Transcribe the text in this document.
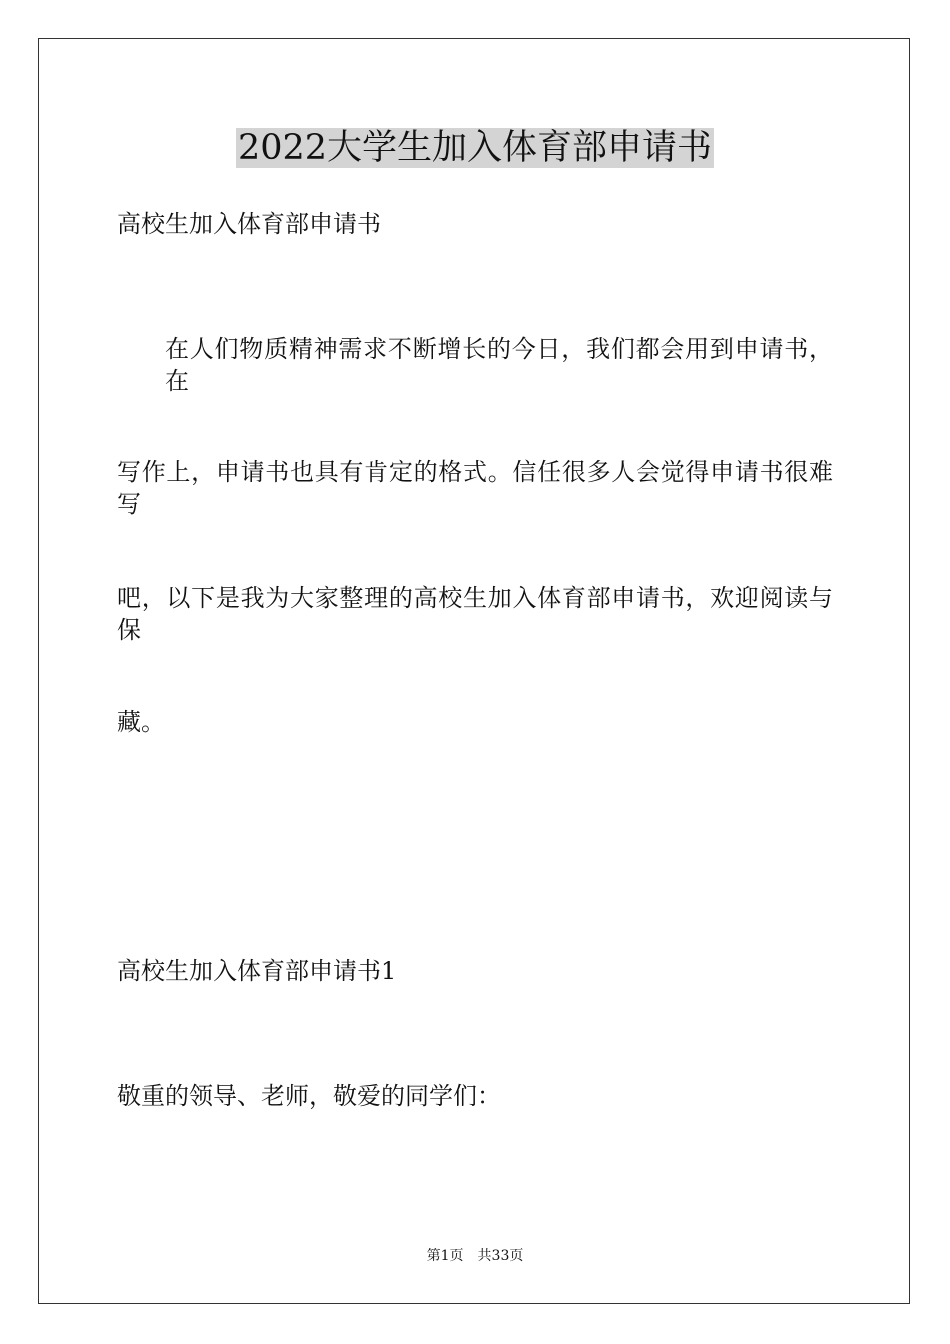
2022大学生加入体育部申请书
高校生加入体育部申请书
在人们物质精神需求不断增长的今日，我们都会用到申请书，在
写作上，申请书也具有肯定的格式。信任很多人会觉得申请书很难写
吧，以下是我为大家整理的高校生加入体育部申请书，欢迎阅读与保
藏。
高校生加入体育部申请书1
敬重的领导、老师，敬爱的同学们：
第1页　共33页
